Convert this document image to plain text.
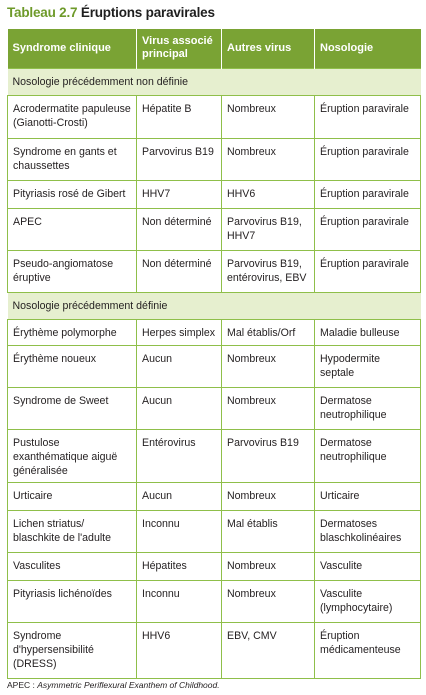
Tableau 2.7 Éruptions paravirales
Syndrome clinique	Virus associé principal	Autres virus	Nosologie
Nosologie précédemment non définie			
Acrodermatite papuleuse (Gianotti-Crosti)	Hépatite B	Nombreux	Éruption paravirale
Syndrome en gants et chaussettes	Parvovirus B19	Nombreux	Éruption paravirale
Pityriasis rosé de Gibert	HHV7	HHV6	Éruption paravirale
APEC	Non déterminé	Parvovirus B19, HHV7	Éruption paravirale
Pseudo-angiomatose éruptive	Non déterminé	Parvovirus B19, entérovirus, EBV	Éruption paravirale
Nosologie précédemment définie			
Érythème polymorphe	Herpes simplex	Mal établis/Orf	Maladie bulleuse
Érythème noueux	Aucun	Nombreux	Hypodermite septale
Syndrome de Sweet	Aucun	Nombreux	Dermatose neutrophilique
Pustulose exanthématique aiguë généralisée	Entérovirus	Parvovirus B19	Dermatose neutrophilique
Urticaire	Aucun	Nombreux	Urticaire
Lichen striatus/ blaschkite de l'adulte	Inconnu	Mal établis	Dermatoses blaschkolinéaires
Vasculites	Hépatites	Nombreux	Vasculite
Pityriasis lichénoïdes	Inconnu	Nombreux	Vasculite (lymphocytaire)
Syndrome d'hypersensibilité (DRESS)	HHV6	EBV, CMV	Éruption médicamenteuse
APEC : Asymmetric Periflexural Exanthem of Childhood.
